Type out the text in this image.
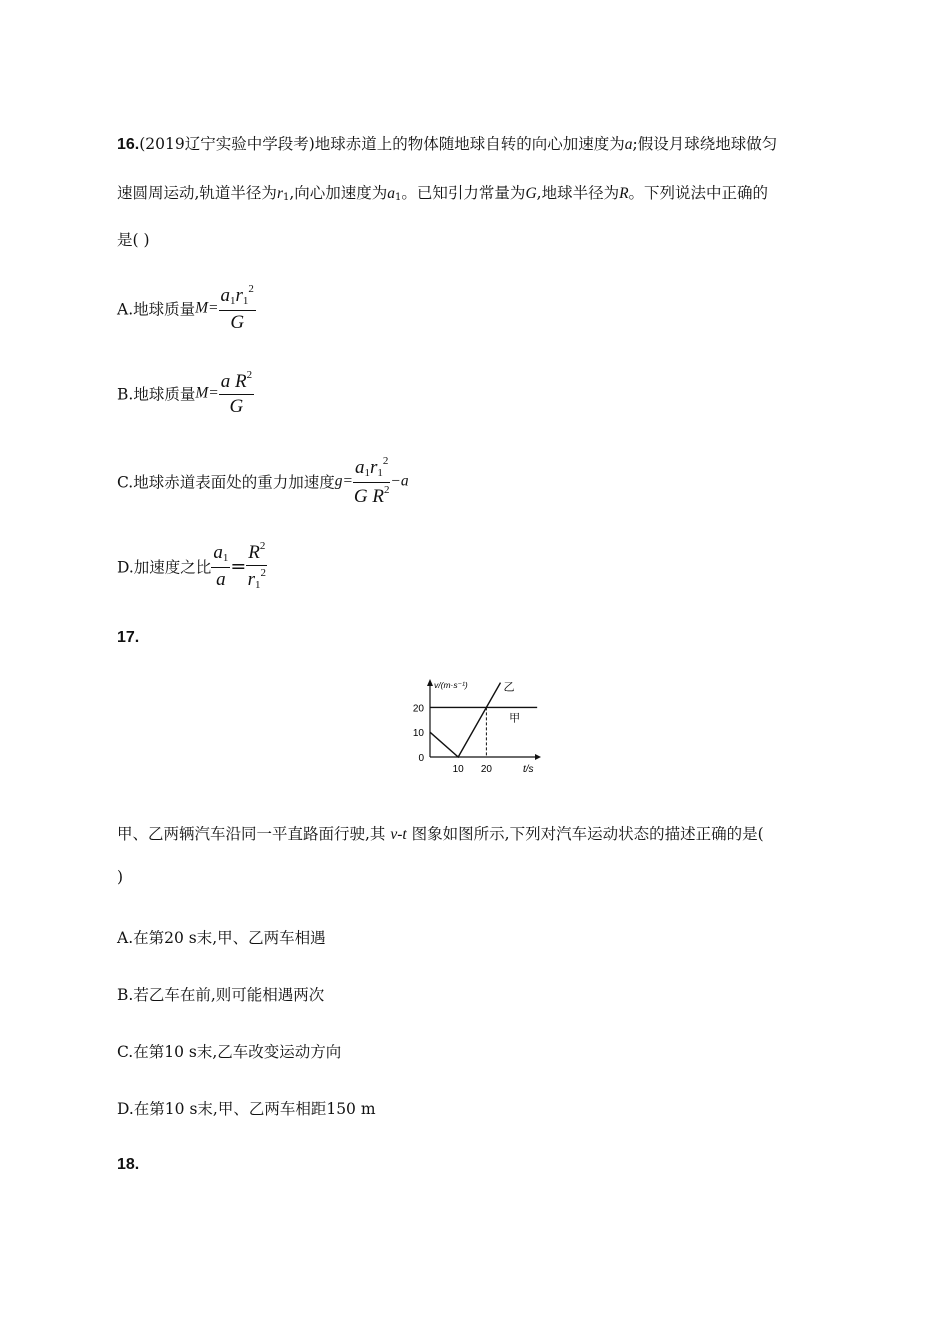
16.(2019辽宁实验中学段考)地球赤道上的物体随地球自转的向心加速度为a;假设月球绕地球做匀
速圆周运动,轨道半径为r1,向心加速度为a1。已知引力常量为G,地球半径为R。下列说法中正确的
是( )
A.地球质量$M= \frac{a_1r_1^2}{G}$
B.地球质量$M= \frac{a R^2}{G}$
C.地球赤道表面处的重力加速度$g= \frac{a_1r_1^2}{G R^2} -a$
D.加速度之比 $\frac{a_1}{a} = \frac{R^2}{r_1^2}$
17.
v/(m·s⁻¹)
t/s
0
10
20
10 20
甲
乙
甲、乙两辆汽车沿同一平直路面行驶,其 v-t 图象如图所示,下列对汽车运动状态的描述正确的是(
)
A.在第20 s末,甲、乙两车相遇
B.若乙车在前,则可能相遇两次
C.在第10 s末,乙车改变运动方向
D.在第10 s末,甲、乙两车相距150 m
18.
